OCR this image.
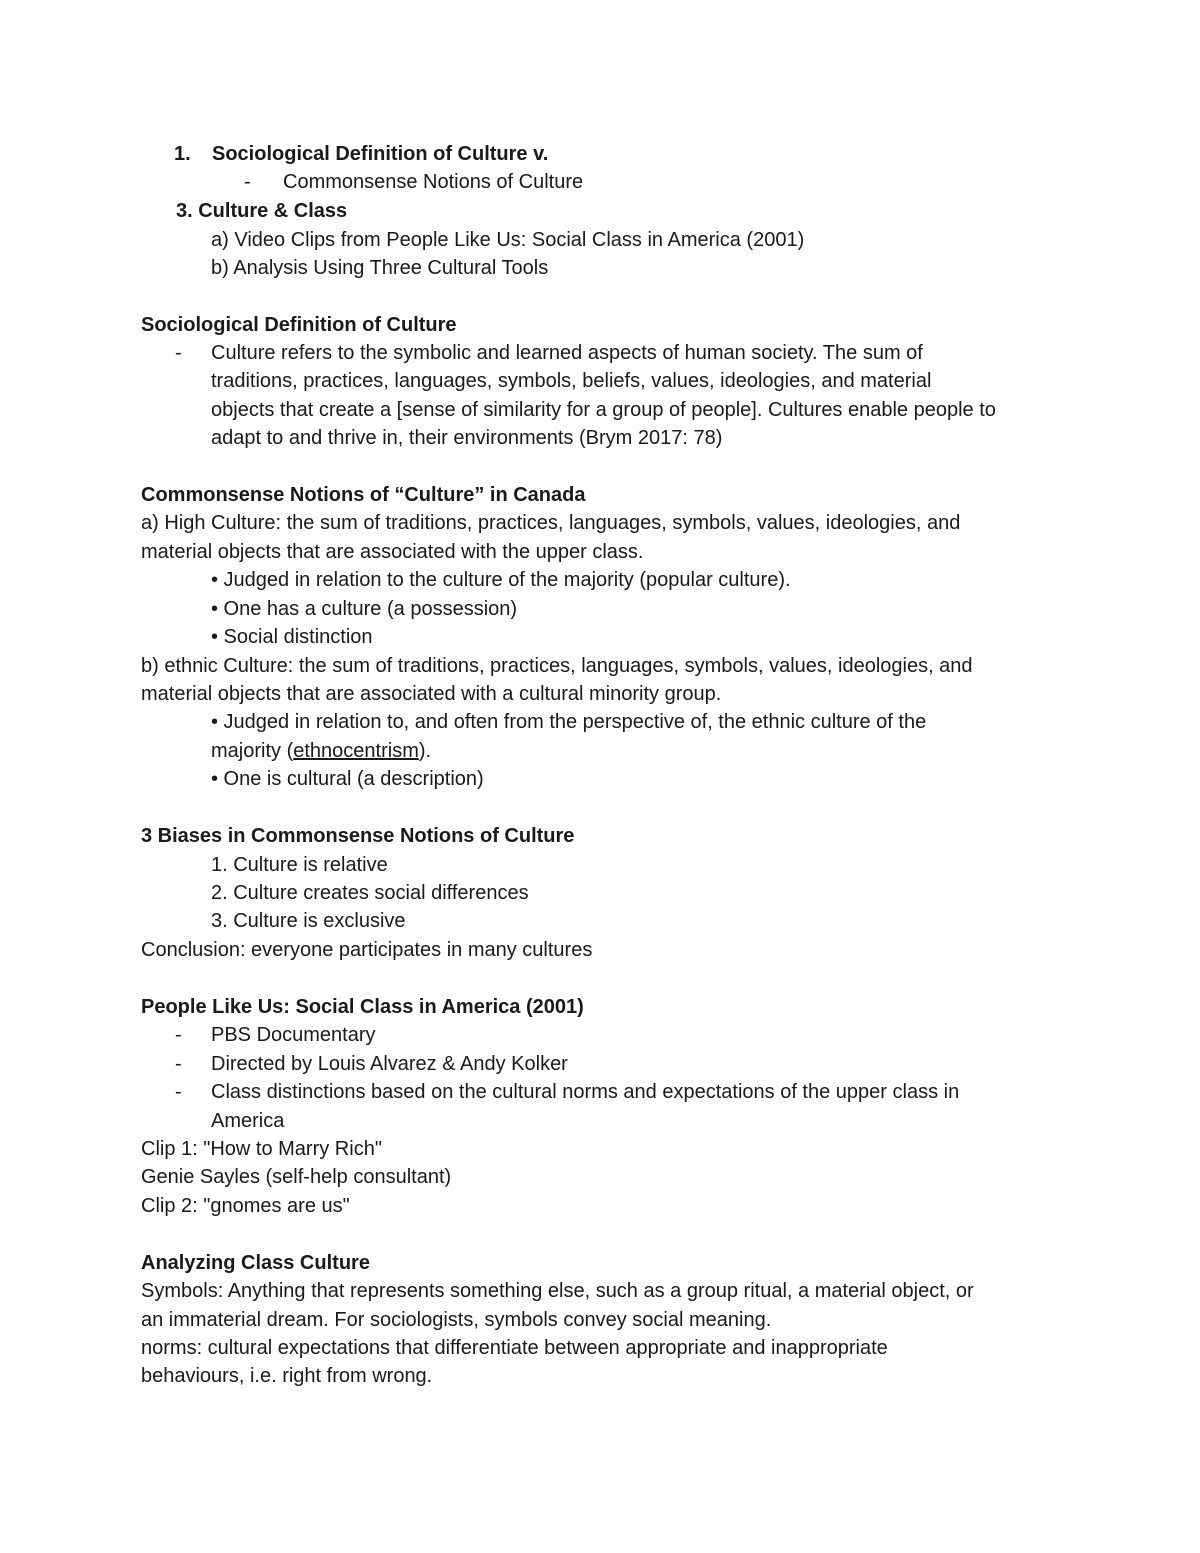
1. Sociological Definition of Culture v.
- Commonsense Notions of Culture
3. Culture & Class
a) Video Clips from People Like Us: Social Class in America (2001)
b) Analysis Using Three Cultural Tools
Sociological Definition of Culture
- Culture refers to the symbolic and learned aspects of human society. The sum of
traditions, practices, languages, symbols, beliefs, values, ideologies, and material
objects that create a [sense of similarity for a group of people]. Cultures enable people to
adapt to and thrive in, their environments (Brym 2017: 78)
Commonsense Notions of “Culture” in Canada
a) High Culture: the sum of traditions, practices, languages, symbols, values, ideologies, and
material objects that are associated with the upper class.
• Judged in relation to the culture of the majority (popular culture).
• One has a culture (a possession)
• Social distinction
b) ethnic Culture: the sum of traditions, practices, languages, symbols, values, ideologies, and
material objects that are associated with a cultural minority group.
• Judged in relation to, and often from the perspective of, the ethnic culture of the
majority (ethnocentrism).
• One is cultural (a description)
3 Biases in Commonsense Notions of Culture
1. Culture is relative
2. Culture creates social differences
3. Culture is exclusive
Conclusion: everyone participates in many cultures
People Like Us: Social Class in America (2001)
- PBS Documentary
- Directed by Louis Alvarez & Andy Kolker
- Class distinctions based on the cultural norms and expectations of the upper class in
America
Clip 1: "How to Marry Rich"
Genie Sayles (self-help consultant)
Clip 2: "gnomes are us"
Analyzing Class Culture
Symbols: Anything that represents something else, such as a group ritual, a material object, or
an immaterial dream. For sociologists, symbols convey social meaning.
norms: cultural expectations that differentiate between appropriate and inappropriate
behaviours, i.e. right from wrong.
